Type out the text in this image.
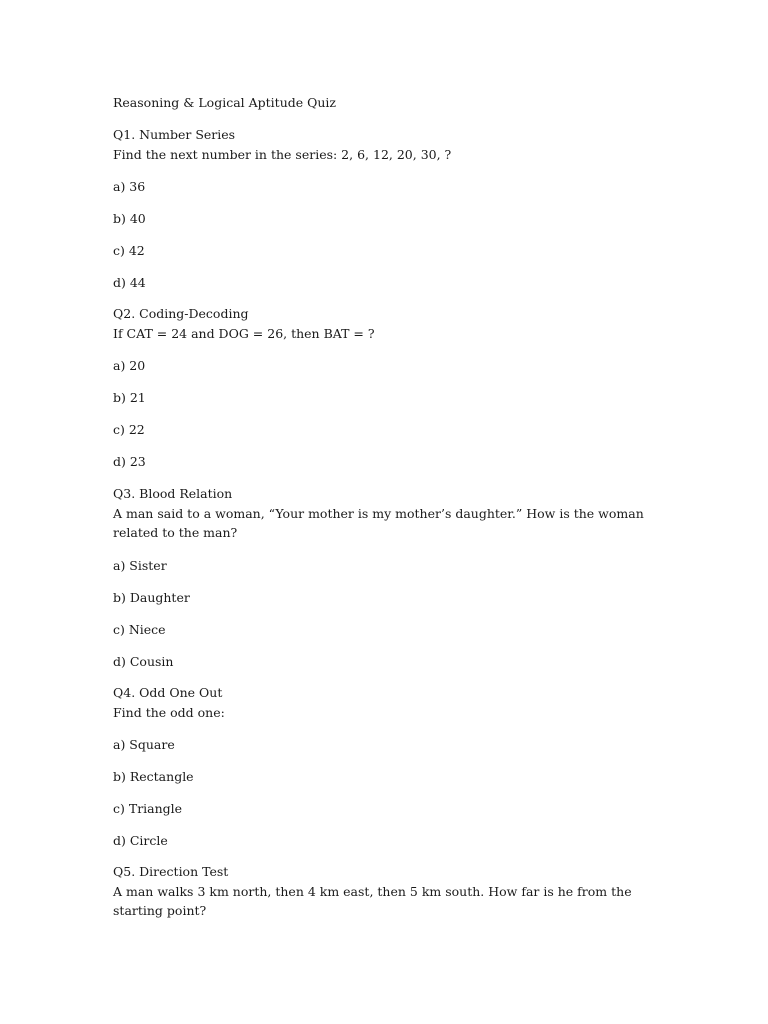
Reasoning & Logical Aptitude Quiz
Q1. Number Series
Find the next number in the series: 2, 6, 12, 20, 30, ?
a) 36
b) 40
c) 42
d) 44
Q2. Coding-Decoding
If CAT = 24 and DOG = 26, then BAT = ?
a) 20
b) 21
c) 22
d) 23
Q3. Blood Relation
A man said to a woman, “Your mother is my mother’s daughter.” How is the woman related to the man?
a) Sister
b) Daughter
c) Niece
d) Cousin
Q4. Odd One Out
Find the odd one:
a) Square
b) Rectangle
c) Triangle
d) Circle
Q5. Direction Test
A man walks 3 km north, then 4 km east, then 5 km south. How far is he from the starting point?
